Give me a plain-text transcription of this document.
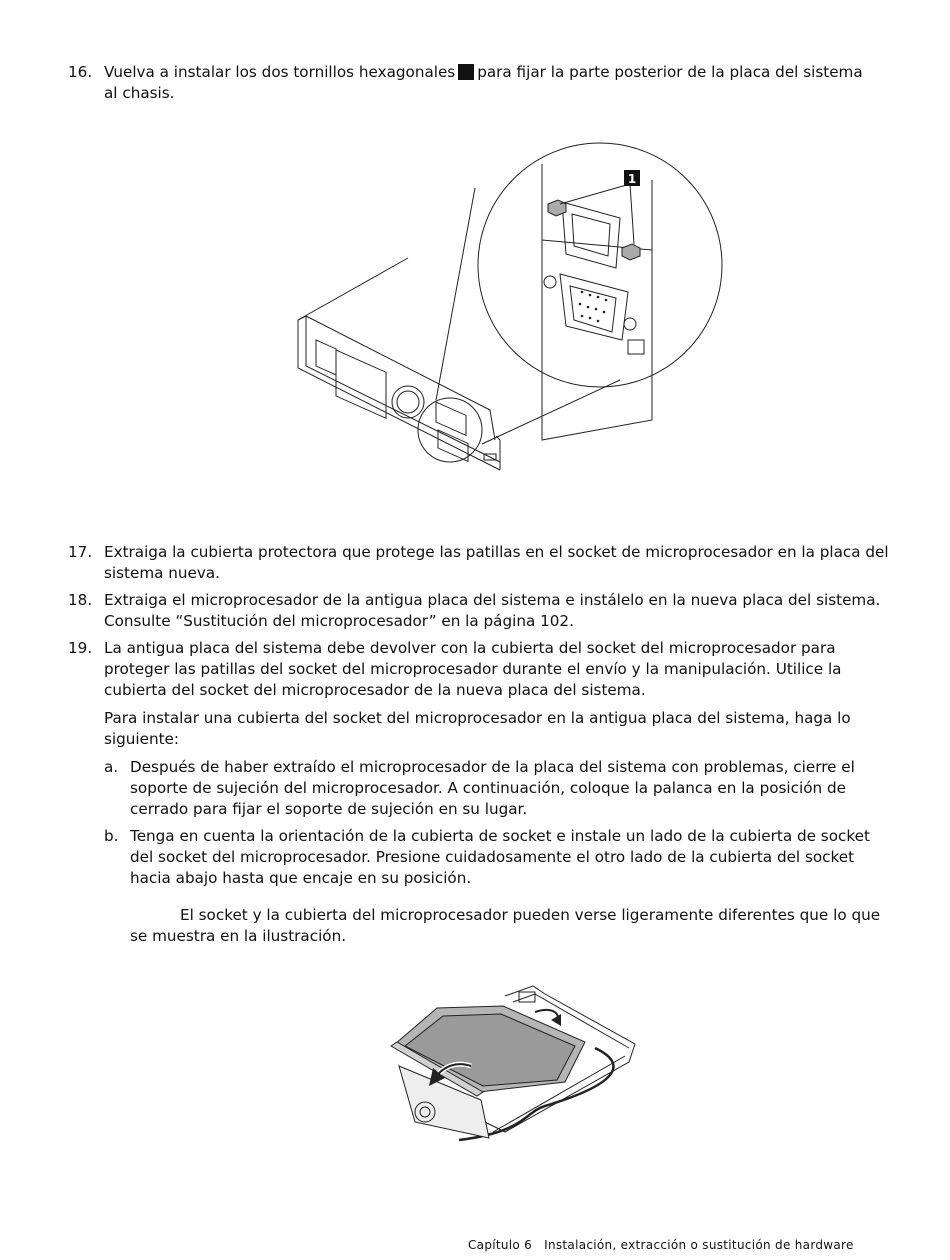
16. Vuelva a instalar los dos tornillos hexagonales para fijar la parte posterior de la placa del sistema
al chasis.
1
17. Extraiga la cubierta protectora que protege las patillas en el socket de microprocesador en la placa del
sistema nueva.
18. Extraiga el microprocesador de la antigua placa del sistema e instálelo en la nueva placa del sistema.
Consulte “Sustitución del microprocesador” en la página 102.
19. La antigua placa del sistema debe devolver con la cubierta del socket del microprocesador para
proteger las patillas del socket del microprocesador durante el envío y la manipulación. Utilice la
cubierta del socket del microprocesador de la nueva placa del sistema.
Para instalar una cubierta del socket del microprocesador en la antigua placa del sistema, haga lo
siguiente:
a. Después de haber extraído el microprocesador de la placa del sistema con problemas, cierre el
soporte de sujeción del microprocesador. A continuación, coloque la palanca en la posición de
cerrado para fijar el soporte de sujeción en su lugar.
b. Tenga en cuenta la orientación de la cubierta de socket e instale un lado de la cubierta de socket
del socket del microprocesador. Presione cuidadosamente el otro lado de la cubierta del socket
hacia abajo hasta que encaje en su posición.
El socket y la cubierta del microprocesador pueden verse ligeramente diferentes que lo que
se muestra en la ilustración.
Capítulo 6 Instalación, extracción o sustitución de hardware
